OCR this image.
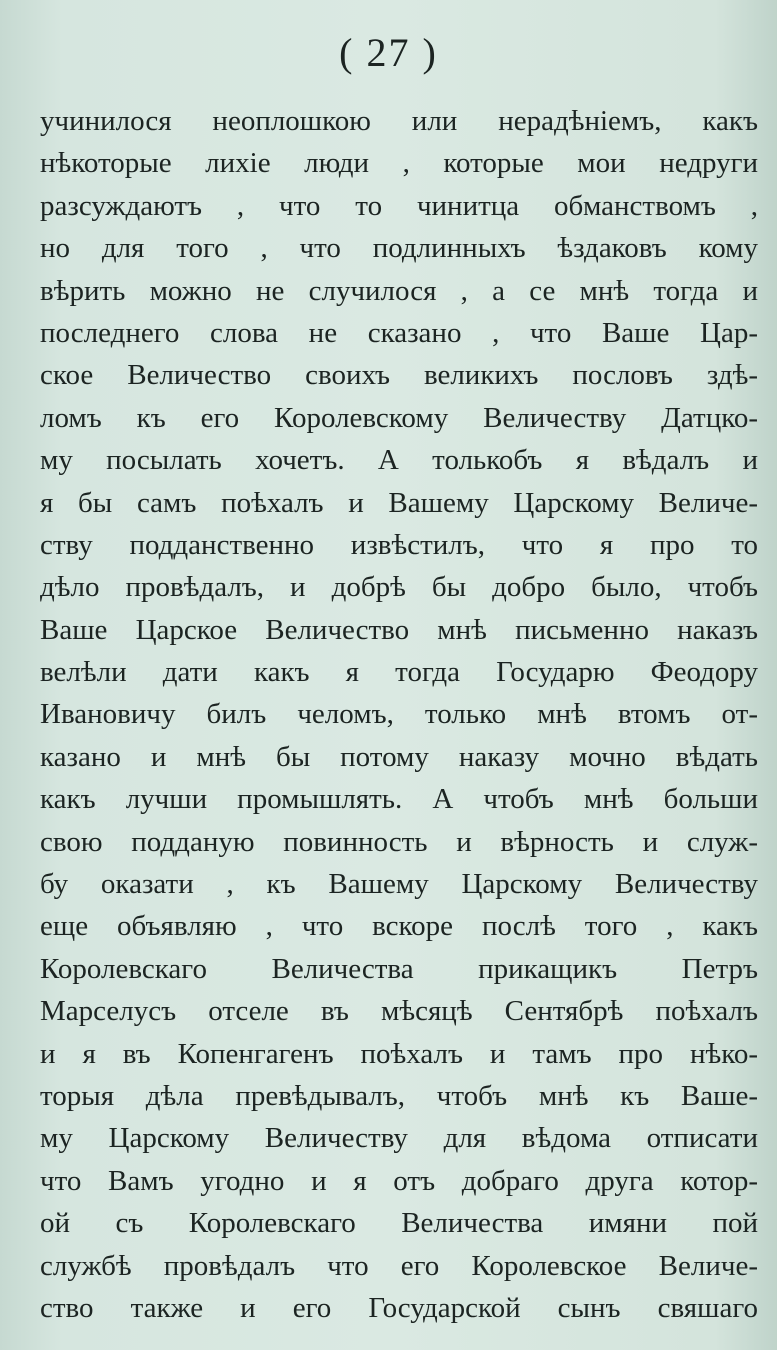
( 27 )
учинилося неоплошкою или нерадѣнiемъ, какъ
нѣкоторые лихiе люди , которые мои недруги
разсуждаютъ , что то чинитца обманствомъ ,
но для того , что подлинныхъ ѣздаковъ кому
вѣрить можно не случилося , а се мнѣ тогда и
последнего слова не сказано , что Ваше Цар-
ское Величество своихъ великихъ пословъ здѣ-
ломъ къ его Королевскому Величеству Датцко-
му посылать хочетъ. А толькобъ я вѣдалъ и
я бы самъ поѣхалъ и Вашему Царскому Величе-
ству подданственно извѣстилъ, что я про то
дѣло провѣдалъ, и добрѣ бы добро было, чтобъ
Ваше Царское Величество мнѣ письменно наказъ
велѣли дати какъ я тогда Государю Феодору
Ивановичу билъ челомъ, только мнѣ втомъ от-
казано и мнѣ бы потому наказу мочно вѣдать
какъ лучши промышлять. А чтобъ мнѣ больши
свою подданую повинность и вѣрность и служ-
бу оказати , къ Вашему Царскому Величеству
еще объявляю , что вскоре послѣ того , какъ
Королевскаго Величества прикащикъ Петръ
Марселусъ отселе въ мѣсяцѣ Сентябрѣ поѣхалъ
и я въ Копенгагенъ поѣхалъ и тамъ про нѣко-
торыя дѣла превѣдывалъ, чтобъ мнѣ къ Вашe-
му Царскому Величеству для вѣдома отписати
что Вамъ угодно и я отъ добраго друга котор-
ой съ Королевскаго Величества имяни пой
службѣ провѣдалъ что его Королевское Величе-
ство также и его Государской сынъ свяшаго
